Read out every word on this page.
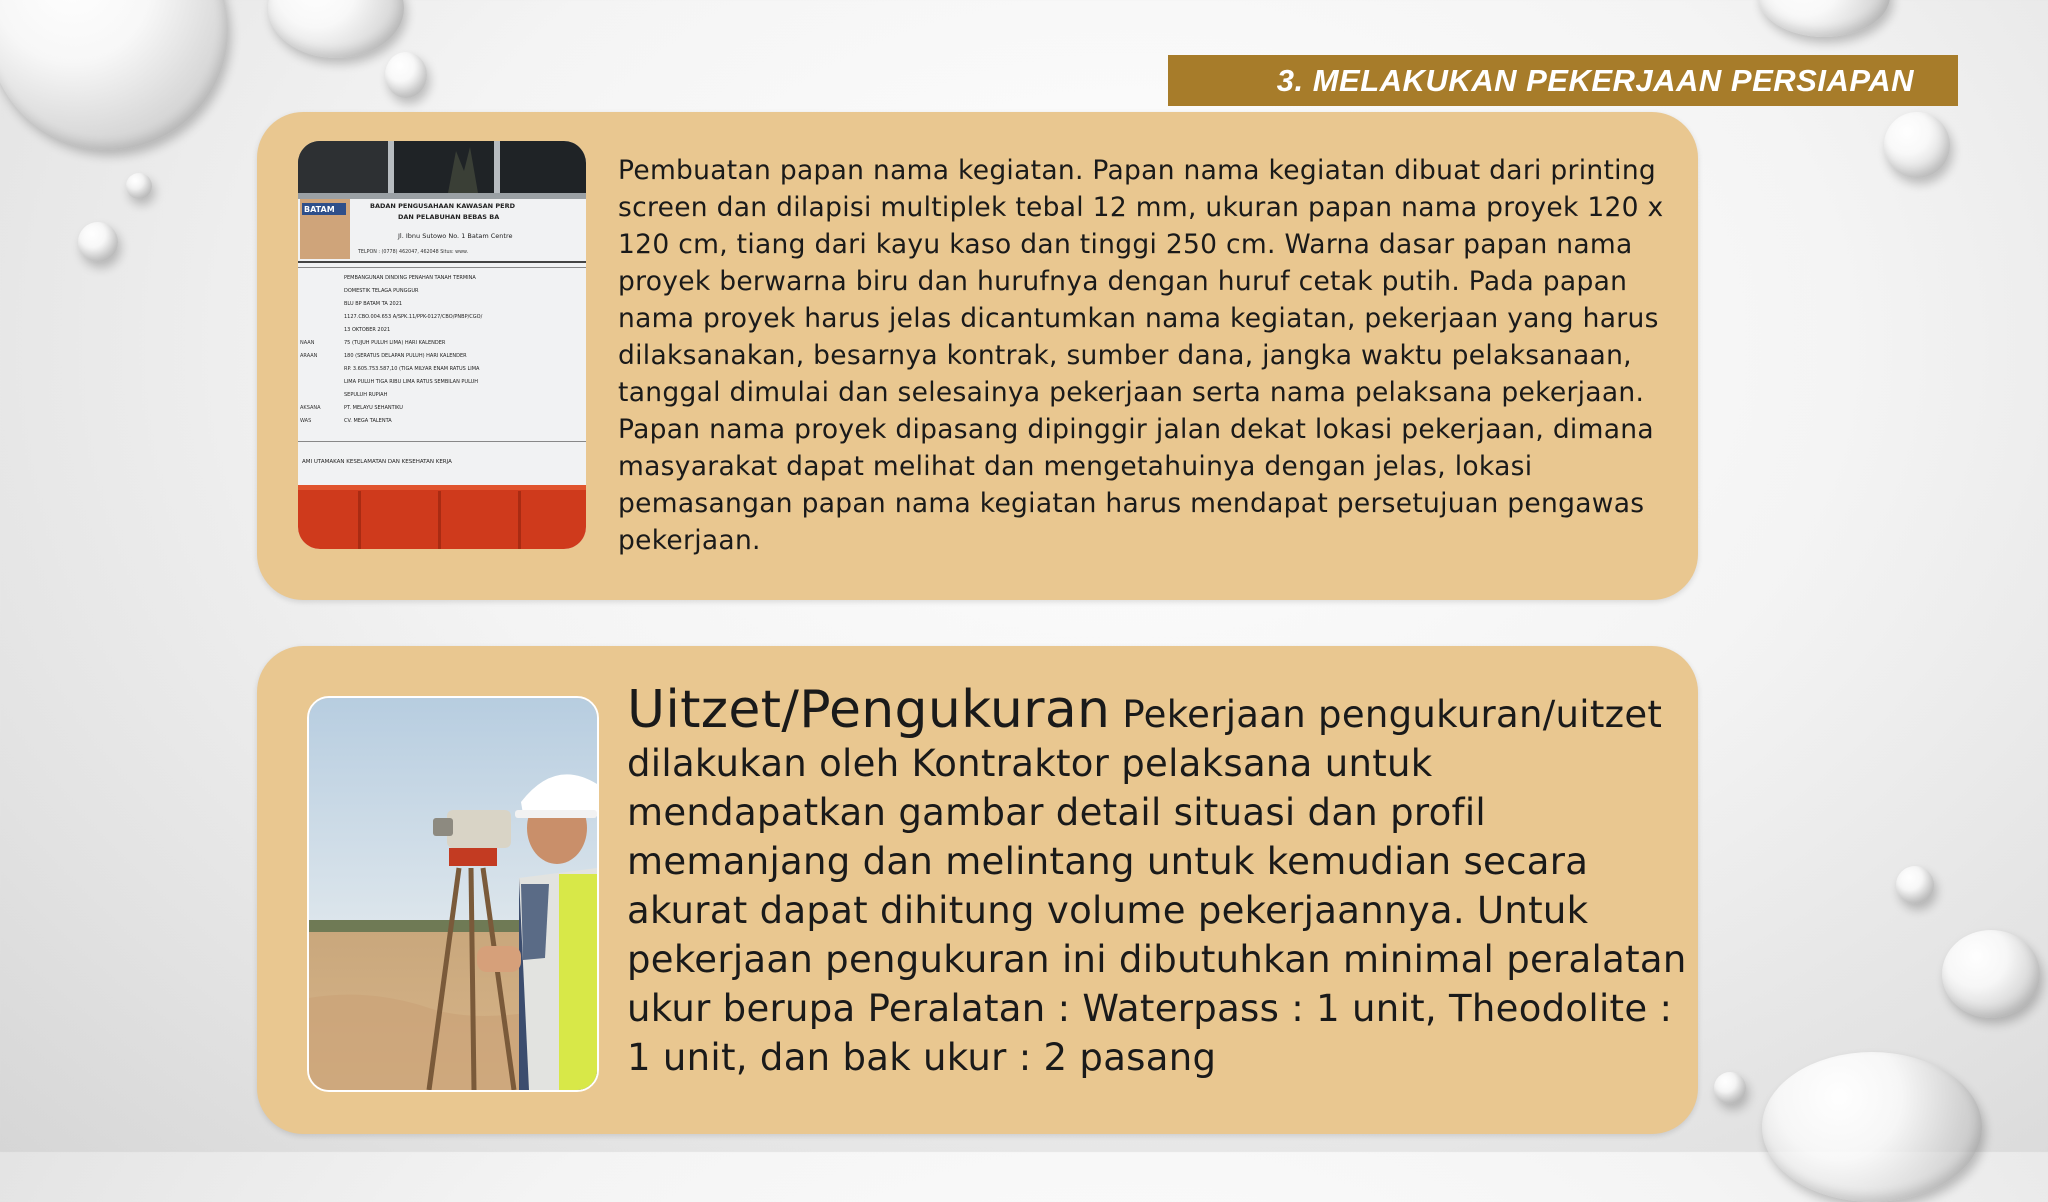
3. MELAKUKAN PEKERJAAN PERSIAPAN
BATAM	BADAN PENGUSAHAAN KAWASAN PERD
DAN PELABUHAN BEBAS BA
Jl. Ibnu Sutowo No. 1 Batam Centre
TELPON : (0778) 462047, 462048 Situs: www.
PEMBANGUNAN DINDING PENAHAN TANAH TERMINA
DOMESTIK TELAGA PUNGGUR
BLU BP BATAM TA 2021
1127.CBO.004.653 A/SPK.11/PPK-0127/CBO/PNBP/CGO/
13 OKTOBER 2021
NAAN	75 (TUJUH PULUH LIMA) HARI KALENDER
ARAAN	180 (SERATUS DELAPAN PULUH) HARI KALENDER
RP. 3.605.753.587,10 (TIGA MILYAR ENAM RATUS LIMA
LIMA PULUH TIGA RIBU LIMA RATUS SEMBILAN PULUH
SEPULUH RUPIAH
AKSANA	PT. MELAYU SEHANTIKU
WAS	CV. MEGA TALENTA
AMI UTAMAKAN KESELAMATAN DAN KESEHATAN KERJA
Pembuatan papan nama kegiatan. Papan nama kegiatan dibuat dari printing screen dan dilapisi multiplek tebal 12 mm, ukuran papan nama proyek 120 x 120 cm, tiang dari kayu kaso dan tinggi 250 cm. Warna dasar papan nama proyek berwarna biru dan hurufnya dengan huruf cetak putih. Pada papan nama proyek harus jelas dicantumkan nama kegiatan, pekerjaan yang harus dilaksanakan, besarnya kontrak, sumber dana, jangka waktu pelaksanaan, tanggal dimulai dan selesainya pekerjaan serta nama pelaksana pekerjaan. Papan nama proyek dipasang dipinggir jalan dekat lokasi pekerjaan, dimana masyarakat dapat melihat dan mengetahuinya dengan jelas, lokasi pemasangan papan nama kegiatan harus mendapat persetujuan pengawas pekerjaan.
Uitzet/Pengukuran Pekerjaan pengukuran/uitzet dilakukan oleh Kontraktor pelaksana untuk mendapatkan gambar detail situasi dan profil memanjang dan melintang untuk kemudian secara akurat dapat dihitung volume pekerjaannya. Untuk pekerjaan pengukuran ini dibutuhkan minimal peralatan ukur berupa Peralatan : Waterpass : 1 unit, Theodolite : 1 unit, dan bak ukur : 2 pasang
